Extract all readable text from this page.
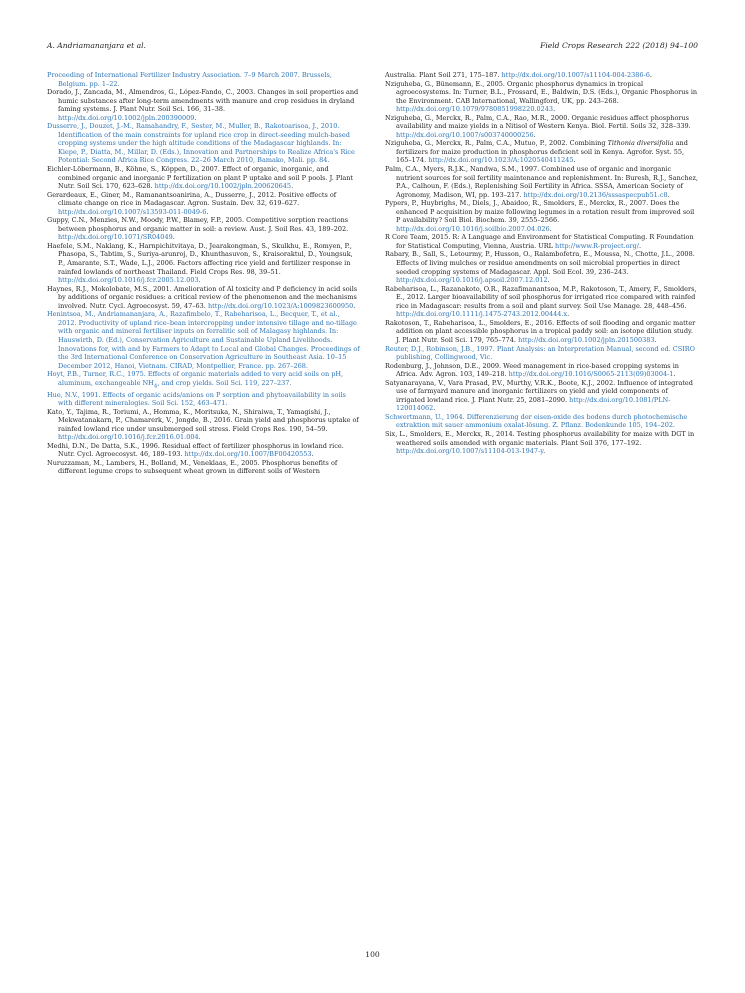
A. Andriamananjara et al.	Field Crops Research 222 (2018) 94–100

Proceeding of International Fertilizer Industry Association. 7–9 March 2007. Brussels, Belgium. pp. 1–22.

Dorado, J., Zancada, M., Almendros, G., López-Fando, C., 2003. Changes in soil properties and humic substances after long-term amendments with manure and crop residues in dryland faming systems. J. Plant Nutr. Soil Sci. 166, 31–38. http://dx.doi.org/10.1002/jpln.200390009.

Dusserre, J., Douzet, J.-M., Ramahandry, F., Sester, M., Muller, B., Rakotoarisoa, J., 2010. Identification of the main constraints for upland rice crop in direct-seeding mulch-based cropping systems under the high altitude conditions of the Madagascar highlands. In: Kiepe, P., Diatta, M., Millar, D. (Eds.), Innovation and Partnerships to Realize Africa's Rice Potential: Second Africa Rice Congress. 22–26 March 2010, Bamako, Mali. pp. 84.

Eichler-Löbermann, B., Köhne, S., Köppen, D., 2007. Effect of organic, inorganic, and combined organic and inorganic P fertilization on plant P uptake and soil P pools. J. Plant Nutr. Soil Sci. 170, 623–628. http://dx.doi.org/10.1002/jpln.200620645.

Gerardeaux, E., Giner, M., Ramanantsoanirina, A., Dusserre, J., 2012. Positive effects of climate change on rice in Madagascar. Agron. Sustain. Dev. 32, 619–627. http://dx.doi.org/10.1007/s13593-011-0049-6.

Guppy, C.N., Menzies, N.W., Moody, P.W., Blamey, F.P., 2005. Competitive sorption reactions between phosphorus and organic matter in soil: a review. Aust. J. Soil Res. 43, 189–202. http://dx.doi.org/10.1071/SR04049.

Haefele, S.M., Naklang, K., Harnpichitvitaya, D., Jearakongman, S., Skulkhu, E., Romyen, P., Phasopa, S., Tabtim, S., Suriya-arunroj, D., Khunthasuvon, S., Kraisoraktul, D., Youngsuk, P., Amarante, S.T., Wade, L.J., 2006. Factors affecting rice yield and fertilizer response in rainfed lowlands of northeast Thailand. Field Crops Res. 98, 39–51. http://dx.doi.org/10.1016/j.fcr.2005.12.003.

Haynes, R.J., Mokolobate, M.S., 2001. Amelioration of Al toxicity and P deficiency in acid soils by additions of organic residues: a critical review of the phenomenon and the mechanisms involved. Nutr. Cycl. Agroecosyst. 59, 47–63. http://dx.doi.org/10.1023/A:1009823600950.

Henintsoa, M., Andriamananjara, A., Razafimbelo, T., Rabeharisoa, L., Becquer, T., et al., 2012. Productivity of upland rice–bean intercropping under intensive tillage and no-tillage with organic and mineral fertiliser inputs on ferralitic soil of Malagasy highlands. In: Hauswirth, D. (Ed.), Conservation Agriculture and Sustainable Upland Livelihoods. Innovations for, with and by Farmers to Adapt to Local and Global Changes. Proceedings of the 3rd International Conference on Conservation Agriculture in Southeast Asia. 10–15 December 2012, Hanoi, Vietnam. CIRAD, Montpellier, France. pp. 267–268.

Hoyt, P.B., Turner, R.C., 1975. Effects of organic materials added to very acid soils on pH, aluminum, exchangeable $NH_4$, and crop yields. Soil Sci. 119, 227–237.

Hue, N.V., 1991. Effects of organic acids/anions on P sorption and phytoavailability in soils with different mineralogies. Soil Sci. 152, 463–471.

Kato, Y., Tajima, R., Toriumi, A., Homma, K., Moritsuka, N., Shiraiwa, T., Yamagishi, J., Mekwatanakarn, P., Chamarerk, V., Jongde, B., 2016. Grain yield and phosphorus uptake of rainfed lowland rice under unsubmerged soil stress. Field Crops Res. 190, 54–59. http://dx.doi.org/10.1016/j.fcr.2016.01.004.

Medhi, D.N., De Datta, S.K., 1996. Residual effect of fertilizer phosphorus in lowland rice. Nutr. Cycl. Agroecosyst. 46, 189–193. http://dx.doi.org/10.1007/BF00420553.

Nuruzzaman, M., Lambers, H., Bolland, M., Veneklaas, E., 2005. Phosphorus benefits of different legume crops to subsequent wheat grown in different soils of Western

Australia. Plant Soil 271, 175–187. http://dx.doi.org/10.1007/s11104-004-2386-6.

Nziguheba, G., Bünemann, E., 2005. Organic phosphorus dynamics in tropical agroecosystems. In: Turner, B.L., Frossard, E., Baldwin, D.S. (Eds.), Organic Phosphorus in the Environment. CAB International, Wallingford, UK, pp. 243–268. http://dx.doi.org/10.1079/9780851998220.0243.

Nziguheba, G., Merckx, R., Palm, C.A., Rao, M.R., 2000. Organic residues affect phosphorus availability and maize yields in a Nitisol of Western Kenya. Biol. Fertil. Soils 32, 328–339. http://dx.doi.org/10.1007/s003740000256.

Nziguheba, G., Merckx, R., Palm, C.A., Mutuo, P., 2002. Combining Tithonia diversifolia and fertilizers for maize production in phosphorus deficient soil in Kenya. Agrofor. Syst. 55, 165–174. http://dx.doi.org/10.1023/A:1020540411245.

Palm, C.A., Myers, R.J.K., Nandwa, S.M., 1997. Combined use of organic and inorganic nutrient sources for soil fertility maintenance and replenishment. In: Buresh, R.J., Sanchez, P.A., Calhoun, F. (Eds.), Replenishing Soil Fertility in Africa. SSSA, American Society of Agronomy, Madison, WI, pp. 193–217. http://dx.doi.org/10.2136/sssaspecpub51.c8.

Pypers, P., Huybrighs, M., Diels, J., Abaidoo, R., Smolders, E., Merckx, R., 2007. Does the enhanced P acquisition by maize following legumes in a rotation result from improved soil P availability? Soil Biol. Biochem. 39, 2555–2566. http://dx.doi.org/10.1016/j.soilbio.2007.04.026.

R Core Team, 2015. R: A Language and Environment for Statistical Computing. R Foundation for Statistical Computing, Vienna, Austria. URL http://www.R-project.org/.

Rabary, B., Sall, S., Letourmy, P., Husson, O., Ralambofetra, E., Moussa, N., Chotte, J.L., 2008. Effects of living mulches or residue amendments on soil microbial properties in direct seeded cropping systems of Madagascar. Appl. Soil Ecol. 39, 236–243. http://dx.doi.org/10.1016/j.apsoil.2007.12.012.

Rabeharisoa, L., Razanakoto, O.R., Razafimanantsoa, M.P., Rakotoson, T., Amery, F., Smolders, E., 2012. Larger bioavailability of soil phosphorus for irrigated rice compared with rainfed rice in Madagascar: results from a soil and plant survey. Soil Use Manage. 28, 448–456. http://dx.doi.org/10.1111/j.1475-2743.2012.00444.x.

Rakotoson, T., Rabeharisoa, L., Smolders, E., 2016. Effects of soil flooding and organic matter addition on plant accessible phosphorus in a tropical paddy soil: an isotope dilution study. J. Plant Nutr. Soil Sci. 179, 765–774. http://dx.doi.org/10.1002/jpln.201500383.

Reuter, D.J., Robinson, J.B., 1997. Plant Analysis: an Interpretation Manual, second ed. CSIRO publishing, Collingwood, Vic.

Rodenburg, J., Johnson, D.E., 2009. Weed management in rice-based cropping systems in Africa. Adv. Agron. 103, 149–218. http://dx.doi.org/10.1016/S0065-2113(09)03004-1.

Satyanarayana, V., Vara Prasad, P.V., Murthy, V.R.K., Boote, K.J., 2002. Influence of integrated use of farmyard manure and inorganic fertilizers on yield and yield components of irrigated lowland rice. J. Plant Nutr. 25, 2081–2090. http://dx.doi.org/10.1081/PLN-120014062.

Schwertmann, U., 1964. Differenzierung der eisen-oxide des bodens durch photochemische extraktion mit sauer ammonium oxalat-lösung. Z. Pflanz. Bodenkunde 105, 194–202.

Six, L., Smolders, E., Merckx, R., 2014. Testing phosphorus availability for maize with DGT in weathered soils amended with organic materials. Plant Soil 376, 177–192. http://dx.doi.org/10.1007/s11104-013-1947-y.

100
